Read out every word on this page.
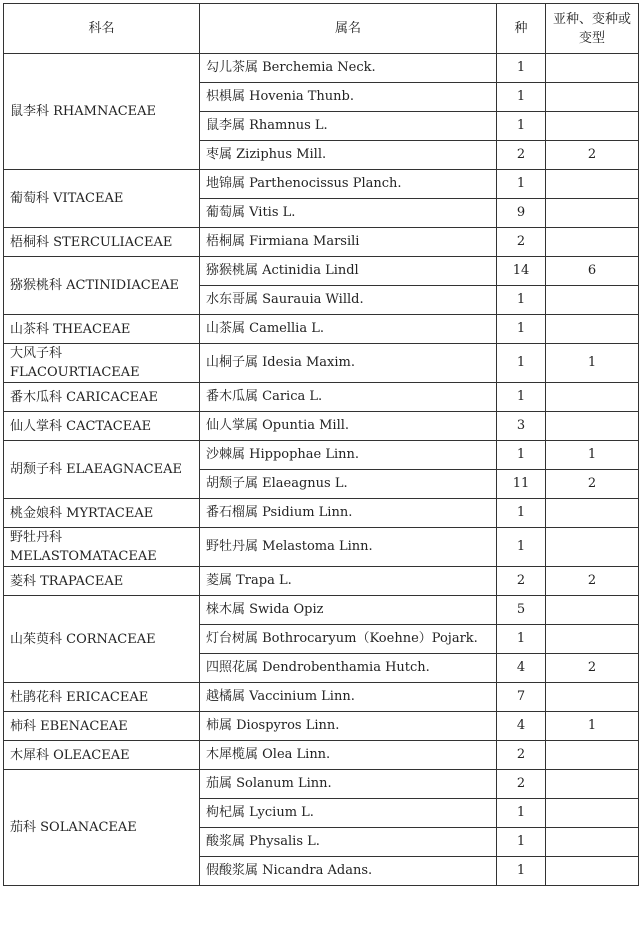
科名	属名	种	亚种、变种或变型
鼠李科 RHAMNACEAE	勾儿茶属 Berchemia Neck.	1	
	枳椇属 Hovenia Thunb.	1	
	鼠李属 Rhamnus L.	1	
	枣属 Ziziphus Mill.	2	2
葡萄科 VITACEAE	地锦属 Parthenocissus Planch.	1	
	葡萄属 Vitis L.	9	
梧桐科 STERCULIACEAE	梧桐属 Firmiana Marsili	2	
猕猴桃科 ACTINIDIACEAE	猕猴桃属 Actinidia Lindl	14	6
	水东哥属 Saurauia Willd.	1	
山茶科 THEACEAE	山茶属 Camellia L.	1	
大风子科 FLACOURTIACEAE	山桐子属 Idesia Maxim.	1	1
番木瓜科 CARICACEAE	番木瓜属 Carica L.	1	
仙人掌科 CACTACEAE	仙人掌属 Opuntia Mill.	3	
胡颓子科 ELAEAGNACEAE	沙棘属 Hippophae Linn.	1	1
	胡颓子属 Elaeagnus L.	11	2
桃金娘科 MYRTACEAE	番石榴属 Psidium Linn.	1	
野牡丹科 MELASTOMATACEAE	野牡丹属 Melastoma Linn.	1	
菱科 TRAPACEAE	菱属 Trapa L.	2	2
山茱萸科 CORNACEAE	梾木属 Swida Opiz	5	
	灯台树属 Bothrocaryum（Koehne）Pojark.	1	
	四照花属 Dendrobenthamia Hutch.	4	2
杜鹃花科 ERICACEAE	越橘属 Vaccinium Linn.	7	
柿科 EBENACEAE	柿属 Diospyros Linn.	4	1
木犀科 OLEACEAE	木犀榄属 Olea Linn.	2	
茄科 SOLANACEAE	茄属 Solanum Linn.	2	
	枸杞属 Lycium L.	1	
	酸浆属 Physalis L.	1	
	假酸浆属 Nicandra Adans.	1	
